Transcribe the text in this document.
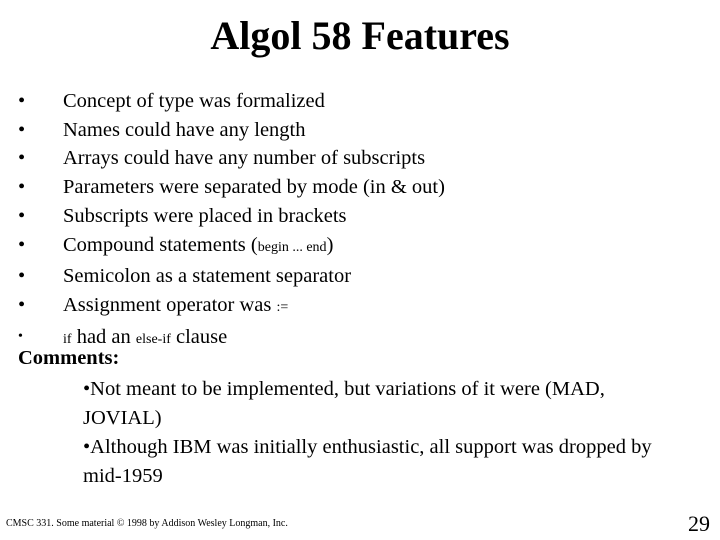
Algol 58 Features
•	Concept of type was formalized
•	Names could have any length
•	Arrays could have any number of subscripts
•	Parameters were separated by mode (in & out)
•	Subscripts were placed in brackets
•	Compound statements (begin ... end)
•	Semicolon as a statement separator
•	Assignment operator was :=
•	if had an else-if clause
Comments:
•Not meant to be implemented, but variations of it were (MAD, JOVIAL)
•Although IBM was initially enthusiastic, all support was dropped by mid-1959
CMSC 331. Some material © 1998 by Addison Wesley Longman, Inc.	29
